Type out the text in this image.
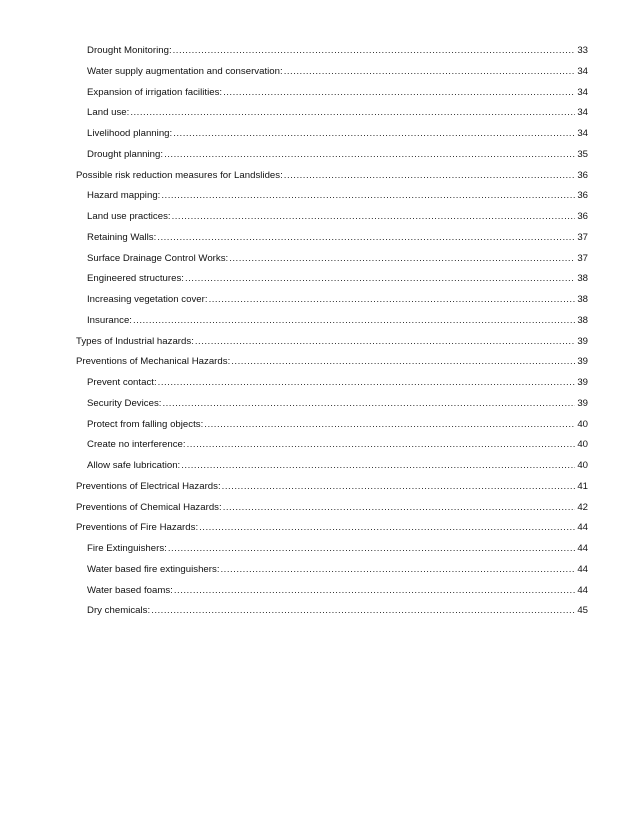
Drought Monitoring: .....	33
Water supply augmentation and conservation: .....	34
Expansion of irrigation facilities: .....	34
Land use: .....	34
Livelihood planning: .....	34
Drought planning: .....	35
Possible risk reduction measures for Landslides: .....	36
Hazard mapping: .....	36
Land use practices: .....	36
Retaining Walls: .....	37
Surface Drainage Control Works: .....	37
Engineered structures: .....	38
Increasing vegetation cover: .....	38
Insurance: .....	38
Types of Industrial hazards: .....	39
Preventions of Mechanical Hazards: .....	39
Prevent contact: .....	39
Security Devices: .....	39
Protect from falling objects: .....	40
Create no interference: .....	40
Allow safe lubrication: .....	40
Preventions of Electrical Hazards: .....	41
Preventions of Chemical Hazards: .....	42
Preventions of Fire Hazards: .....	44
Fire Extinguishers: .....	44
Water based fire extinguishers: .....	44
Water based foams: .....	44
Dry chemicals: .....	45
